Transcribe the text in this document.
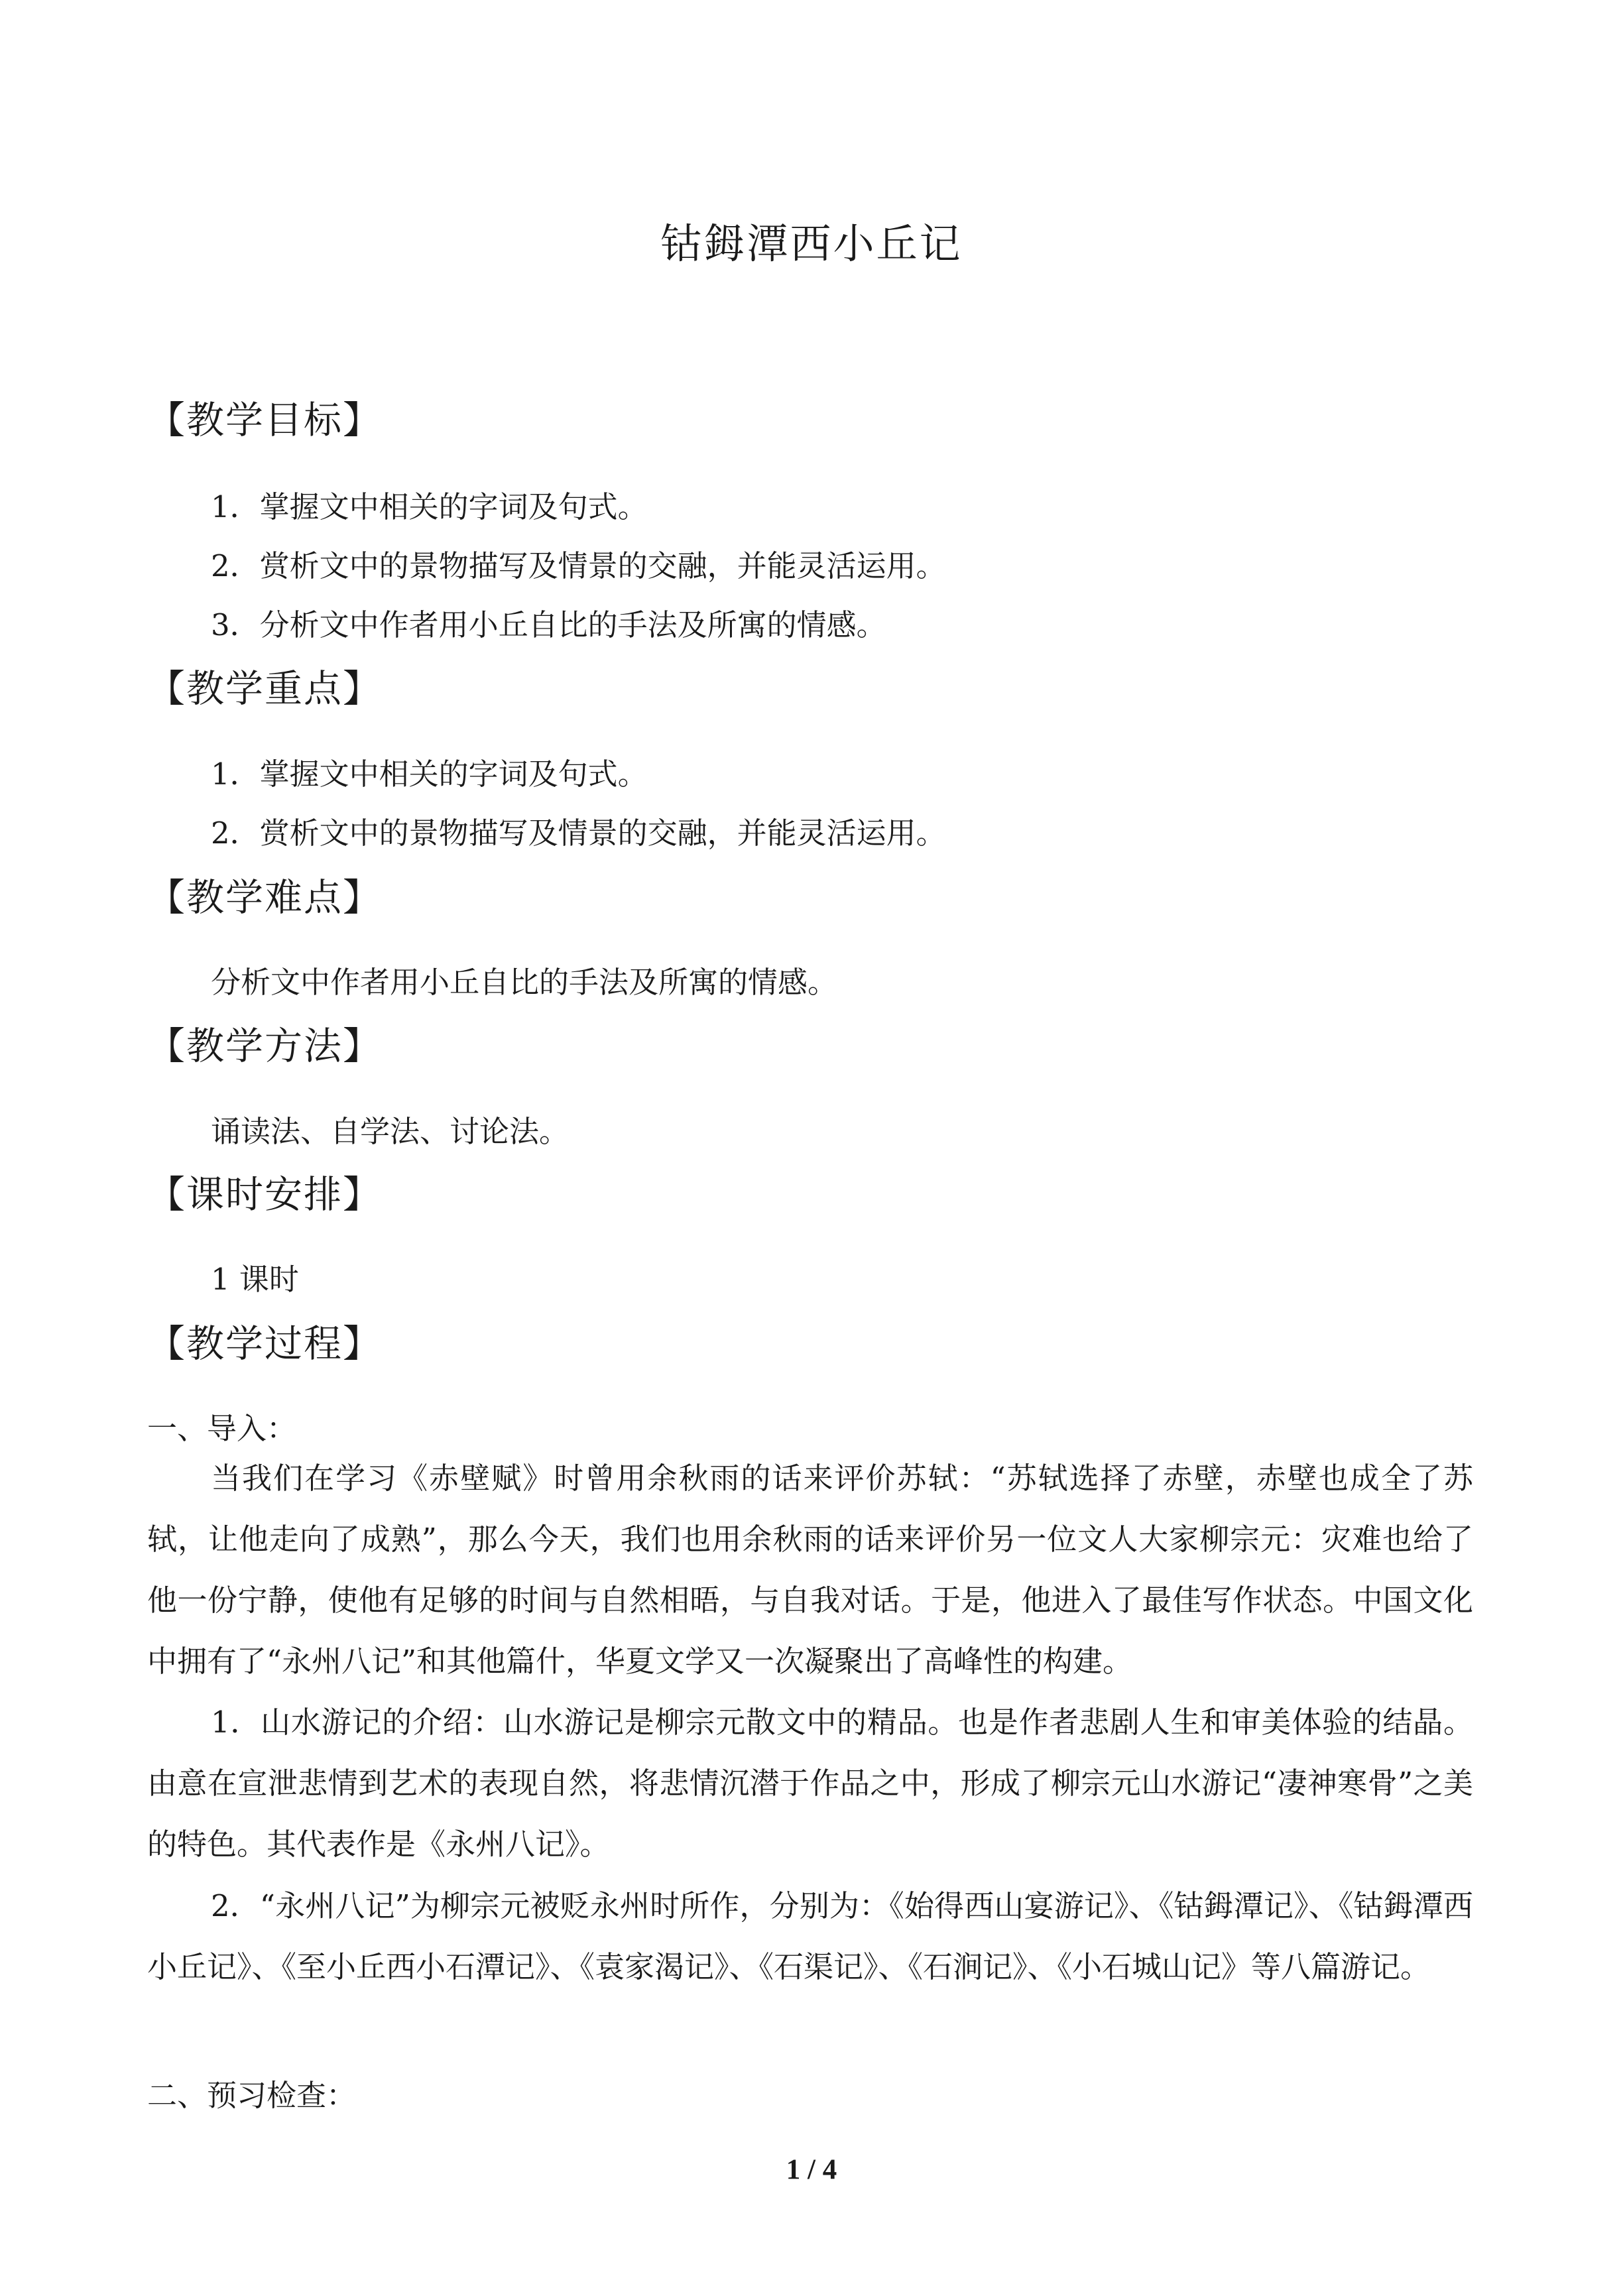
钴鉧潭西小丘记
【教学目标】
1．掌握文中相关的字词及句式。
2．赏析文中的景物描写及情景的交融，并能灵活运用。
3．分析文中作者用小丘自比的手法及所寓的情感。
【教学重点】
1．掌握文中相关的字词及句式。
2．赏析文中的景物描写及情景的交融，并能灵活运用。
【教学难点】
分析文中作者用小丘自比的手法及所寓的情感。
【教学方法】
诵读法、自学法、讨论法。
【课时安排】
1 课时
【教学过程】
一、导入：
当我们在学习《赤壁赋》时曾用余秋雨的话来评价苏轼：“苏轼选择了赤壁，赤壁也成全了苏轼，让他走向了成熟”，那么今天，我们也用余秋雨的话来评价另一位文人大家柳宗元：灾难也给了他一份宁静，使他有足够的时间与自然相晤，与自我对话。于是，他进入了最佳写作状态。中国文化中拥有了“永州八记”和其他篇什，华夏文学又一次凝聚出了高峰性的构建。
1．山水游记的介绍：山水游记是柳宗元散文中的精品。也是作者悲剧人生和审美体验的结晶。由意在宣泄悲情到艺术的表现自然，将悲情沉潜于作品之中，形成了柳宗元山水游记“凄神寒骨”之美的特色。其代表作是《永州八记》。
2．“永州八记”为柳宗元被贬永州时所作，分别为：《始得西山宴游记》、《钴鉧潭记》、《钴鉧潭西小丘记》、《至小丘西小石潭记》、《袁家渴记》、《石渠记》、《石涧记》、《小石城山记》等八篇游记。
二、预习检查：
1 / 4
